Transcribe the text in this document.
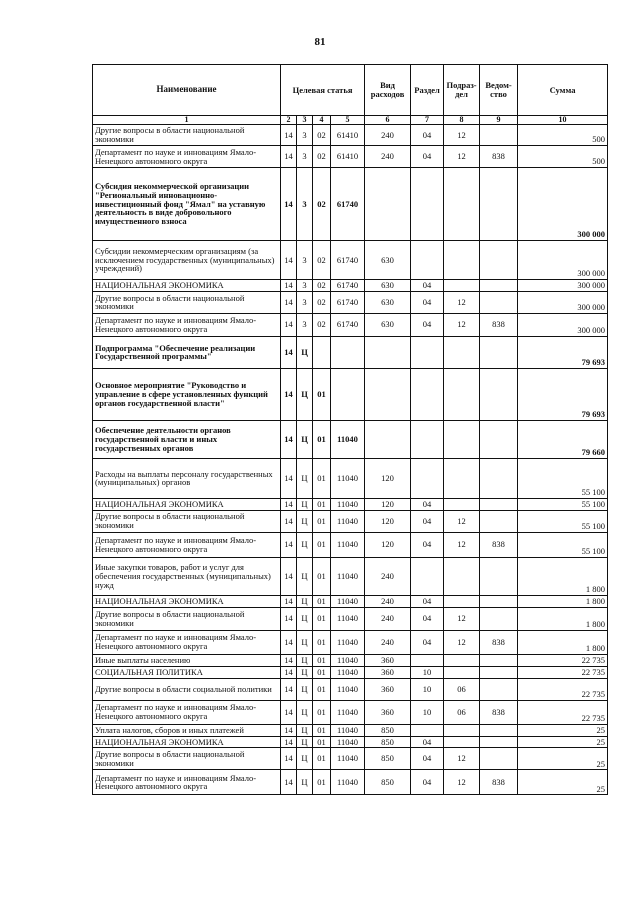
81
Наименование	Целевая статья				Вид расходов	Раздел	Подраз-дел	Ведом-ство	Сумма
1	2	3	4	5	6	7	8	9	10
Другие вопросы в области национальной экономики	14	3	02	61410	240	04	12		500
Департамент по науке и инновациям Ямало-Ненецкого автономного округа	14	3	02	61410	240	04	12	838	500
Субсидия некоммерческой организации "Региональный инновационно-инвестиционный фонд "Ямал" на уставную деятельность в виде добровольного имущественного взноса	14	3	02	61740					300 000
Субсидии некоммерческим организациям (за исключением государственных (муниципальных) учреждений)	14	3	02	61740	630				300 000
НАЦИОНАЛЬНАЯ ЭКОНОМИКА	14	3	02	61740	630	04			300 000
Другие вопросы в области национальной экономики	14	3	02	61740	630	04	12		300 000
Департамент по науке и инновациям Ямало-Ненецкого автономного округа	14	3	02	61740	630	04	12	838	300 000
Подпрограмма "Обеспечение реализации Государственной программы"	14	Ц							79 693
Основное мероприятие "Руководство и управление в сфере установленных функций органов государственной власти"	14	Ц	01						79 693
Обеспечение деятельности органов государственной власти и иных государственных органов	14	Ц	01	11040					79 660
Расходы на выплаты персоналу государственных (муниципальных) органов	14	Ц	01	11040	120				55 100
НАЦИОНАЛЬНАЯ ЭКОНОМИКА	14	Ц	01	11040	120	04			55 100
Другие вопросы в области национальной экономики	14	Ц	01	11040	120	04	12		55 100
Департамент по науке и инновациям Ямало-Ненецкого автономного округа	14	Ц	01	11040	120	04	12	838	55 100
Иные закупки товаров, работ и услуг для обеспечения государственных (муниципальных) нужд	14	Ц	01	11040	240				1 800
НАЦИОНАЛЬНАЯ ЭКОНОМИКА	14	Ц	01	11040	240	04			1 800
Другие вопросы в области национальной экономики	14	Ц	01	11040	240	04	12		1 800
Департамент по науке и инновациям Ямало-Ненецкого автономного округа	14	Ц	01	11040	240	04	12	838	1 800
Иные выплаты населению	14	Ц	01	11040	360				22 735
СОЦИАЛЬНАЯ ПОЛИТИКА	14	Ц	01	11040	360	10			22 735
Другие вопросы в области социальной политики	14	Ц	01	11040	360	10	06		22 735
Департамент по науке и инновациям Ямало-Ненецкого автономного округа	14	Ц	01	11040	360	10	06	838	22 735
Уплата налогов, сборов и иных платежей	14	Ц	01	11040	850				25
НАЦИОНАЛЬНАЯ ЭКОНОМИКА	14	Ц	01	11040	850	04			25
Другие вопросы в области национальной экономики	14	Ц	01	11040	850	04	12		25
Департамент по науке и инновациям Ямало-Ненецкого автономного округа	14	Ц	01	11040	850	04	12	838	25
